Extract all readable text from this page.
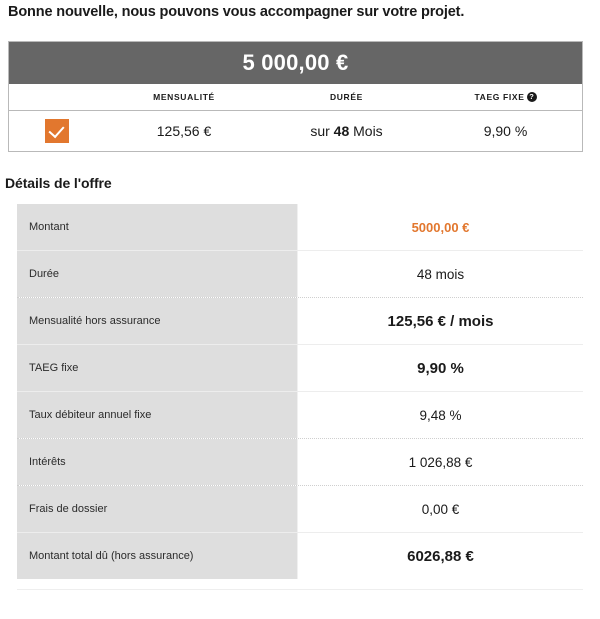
Bonne nouvelle, nous pouvons vous accompagner sur votre projet.
5 000,00 €
	MENSUALITÉ	DURÉE	TAEG FIXE ?
	125,56 €	sur 48 Mois	9,90 %
Détails de l'offre
Montant	5000,00 €
Durée	48 mois
Mensualité hors assurance	125,56 € / mois
TAEG fixe	9,90 %
Taux débiteur annuel fixe	9,48 %
Intérêts	1 026,88 €
Frais de dossier	0,00 €
Montant total dû (hors assurance)	6026,88 €
